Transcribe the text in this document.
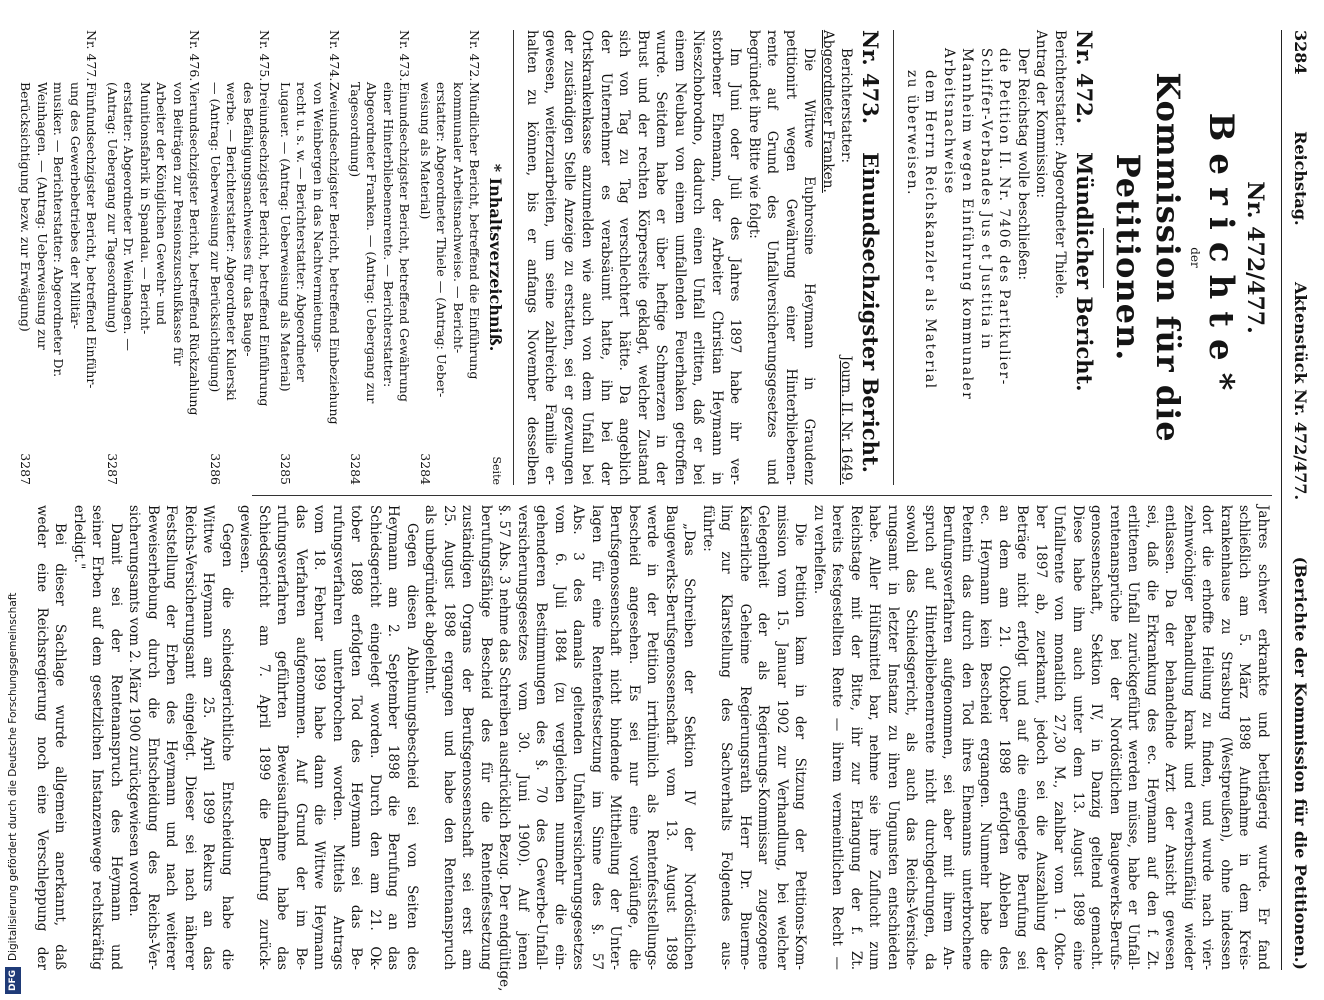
DFGDigitalisierung gefördert durch die Deutsche Forschungsgemeinschaft
3284
Reichstag.
Aktenstück Nr. 472/477.
(Berichte der Kommission für die Petitionen.)
Nr. 472/477.
Berichte*
der
Kommission für die Petitionen.
Nr. 472.Mündlicher Bericht.
Berichterstatter: Abgeordneter Thiele.
Antrag der Kommission:
Der Reichstag wolle beschließen:
die Petition II. Nr. 7406 des Partikulier-
Schiffer-Verbandes Jus et Justitia in
Mannheim wegen Einführung kommunaler
Arbeitsnachweise
dem Herrn Reichskanzler als Material
zu überweisen.
Nr. 473.Einundsechzigster Bericht.
Berichterstatter:
Journ. II. Nr. 1649.
Abgeordneter Franken.
Die Wittwe Euphrosine Heymann in Graudenz
petitionirt wegen Gewährung einer Hinterbliebenen-
rente auf Grund des Unfallversicherungsgesetzes und
begründet ihre Bitte wie folgt:
Im Juni oder Juli des Jahres 1897 habe ihr ver-
storbener Ehemann, der Arbeiter Christian Heymann in
Nieszchobrodno, dadurch einen Unfall erlitten, daß er bei
einem Neubau von einem umfallenden Feuerhaken getroffen
wurde. Seitdem habe er über heftige Schmerzen in der
Brust und der rechten Körperseite geklagt, welcher Zustand
sich von Tag zu Tag verschlechtert hätte. Da angeblich
der Unternehmer es verabsäumt hatte, ihn bei der
Ortskrankenkasse anzumelden wie auch von dem Unfall bei
der zuständigen Stelle Anzeige zu erstatten, sei er gezwungen
gewesen, weiterzuarbeiten, um seine zahlreiche Familie er-
halten zu können, bis er anfangs November desselben
* Inhaltsverzeichniß.
Seite
Nr. 472.
Mündlicher Bericht, betreffend die Einführung
kommunaler Arbeitsnachweise. — Bericht-
erstatter: Abgeordneter Thiele — (Antrag: Ueber-
weisung als Material)
3284
Nr. 473.
Einundsechzigster Bericht, betreffend Gewährung
einer Hinterbliebenenrente. — Berichterstatter:
Abgeordneter Franken. — (Antrag: Uebergang zur
Tagesordnung)
3284
Nr. 474.
Zweiundsechzigster Bericht, betreffend Einbeziehung
von Weinbergen in das Nachtvermietungs-
recht u. s. w. — Berichterstatter: Abgeordneter
Lugauer. — (Antrag: Ueberweisung als Material)
3285
Nr. 475.
Dreiundsechzigster Bericht, betreffend Einführung
des Befähigungsnachweises für das Bauge-
werbe. — Berichterstatter: Abgeordneter Kulerski
— (Antrag: Ueberweisung zur Berücksichtigung)
3286
Nr. 476.
Vierundsechzigster Bericht, betreffend Rückzahlung
von Beiträgen zur Pensionszuschußkasse für
Arbeiter der Königlichen Gewehr- und
Munitionsfabrik in Spandau. — Bericht-
erstatter: Abgeordneter Dr. Weinhagen. —
(Antrag: Uebergang zur Tagesordnung)
3287
Nr. 477.
Fünfundsechzigster Bericht, betreffend Einführ-
ung des Gewerbebetriebes der Militär-
musiker. — Berichterstatter: Abgeordneter Dr.
Weinhagen. — (Antrag: Ueberweisung zur
Berücksichtigung bezw. zur Erwägung)
3287
Jahres schwer erkrankte und bettlägerig wurde. Er fand
schließlich am 5. März 1898 Aufnahme in dem Kreis-
krankenhause zu Strasburg (Westpreußen), ohne indessen
dort die erhoffte Heilung zu finden, und wurde nach vier-
zehnwöchiger Behandlung krank und erwerbsunfähig wieder
entlassen. Da der behandelnde Arzt der Ansicht gewesen
sei, daß die Erkrankung des ec. Heymann auf den f. Zt.
erlittenen Unfall zurückgeführt werden müsse, habe er Unfall-
rentenansprüche bei der Nordöstlichen Baugewerks-Berufs-
genossenschaft, Sektion IV, in Danzig geltend gemacht.
Diese habe ihm auch unter dem 13. August 1898 eine
Unfallrente von monatlich 27,30 M., zahlbar vom 1. Okto-
ber 1897 ab, zuerkannt, jedoch sei die Auszahlung der
Beträge nicht erfolgt und auf die eingelegte Berufung sei
an dem am 21. Oktober 1898 erfolgten Ableben des
ec. Heymann kein Bescheid ergangen. Nunmehr habe die
Petentin das durch den Tod ihres Ehemanns unterbrochene
Berufungsverfahren aufgenommen, sei aber mit ihrem An-
spruch auf Hinterbliebenenrente nicht durchgedrungen, da
sowohl das Schiedsgericht, als auch das Reichs-Versiche-
rungsamt in letzter Instanz zu ihren Ungunsten entschieden
habe. Aller Hülfsmittel bar, nehme sie ihre Zuflucht zum
Reichstage mit der Bitte, ihr zur Erlangung der f. Zt.
bereits festgestellten Rente — ihrem vermeintlichen Recht —
zu verhelfen.
Die Petition kam in der Sitzung der Petitions-Kom-
mission vom 15. Januar 1902 zur Verhandlung, bei welcher
Gelegenheit der als Regierungs-Kommissar zugezogene
Kaiserliche Geheime Regierungsrath Herr Dr. Buerme-
ling zur Klarstellung des Sachverhalts Folgendes aus-
führte:
„Das Schreiben der Sektion IV der Nordöstlichen
Baugewerks-Berufsgenossenschaft vom 13. August 1898
werde in der Petition irrthümlich als Rentenfeststellungs-
bescheid angesehen. Es sei nur eine vorläufige, die
Berufsgenossenschaft nicht bindende Mittheilung der Unter-
lagen für eine Rentenfestsetzung im Sinne des §. 57
Abs. 3 des damals geltenden Unfallversicherungsgesetzes
vom 6. Juli 1884 (zu vergleichen nunmehr die ein-
gehenderen Bestimmungen des §. 70 des Gewerbe-Unfall-
versicherungsgesetzes vom 30. Juni 1900). Auf jenen
§. 57 Abs. 3 nehme das Schreiben ausdrücklich Bezug. Der endgültige,
berufungsfähige Bescheid des für die Rentenfestsetzung
zuständigen Organs der Berufsgenossenschaft sei erst am
25. August 1898 ergangen und habe den Rentenanspruch
als unbegründet abgelehnt.
Gegen diesen Ablehnungsbescheid sei von Seiten des
Heymann am 2. September 1898 die Berufung an das
Schiedsgericht eingelegt worden. Durch den am 21. Ok-
tober 1898 erfolgten Tod des Heymann sei das Be-
rufungsverfahren unterbrochen worden. Mittels Antrags
vom 18. Februar 1899 habe dann die Wittwe Heymann
das Verfahren aufgenommen. Auf Grund der im Be-
rufungsverfahren geführten Beweisaufnahme habe das
Schiedsgericht am 7. April 1899 die Berufung zurück-
gewiesen.
Gegen die schiedsgerichtliche Entscheidung habe die
Wittwe Heymann am 25. April 1899 Rekurs an das
Reichs-Versicherungsamt eingelegt. Dieser sei nach näherer
Feststellung der Erben des Heymann und nach weiterer
Beweiserhebung durch die Entscheidung des Reichs-Ver-
sicherungsamts vom 2. März 1900 zurückgewiesen worden.
Damit sei der Rentenanspruch des Heymann und
seiner Erben auf dem gesetzlichen Instanzenwege rechtskräftig
erledigt."
Bei dieser Sachlage wurde allgemein anerkannt, daß
weder eine Reichsregierung noch eine Verschleppung der
